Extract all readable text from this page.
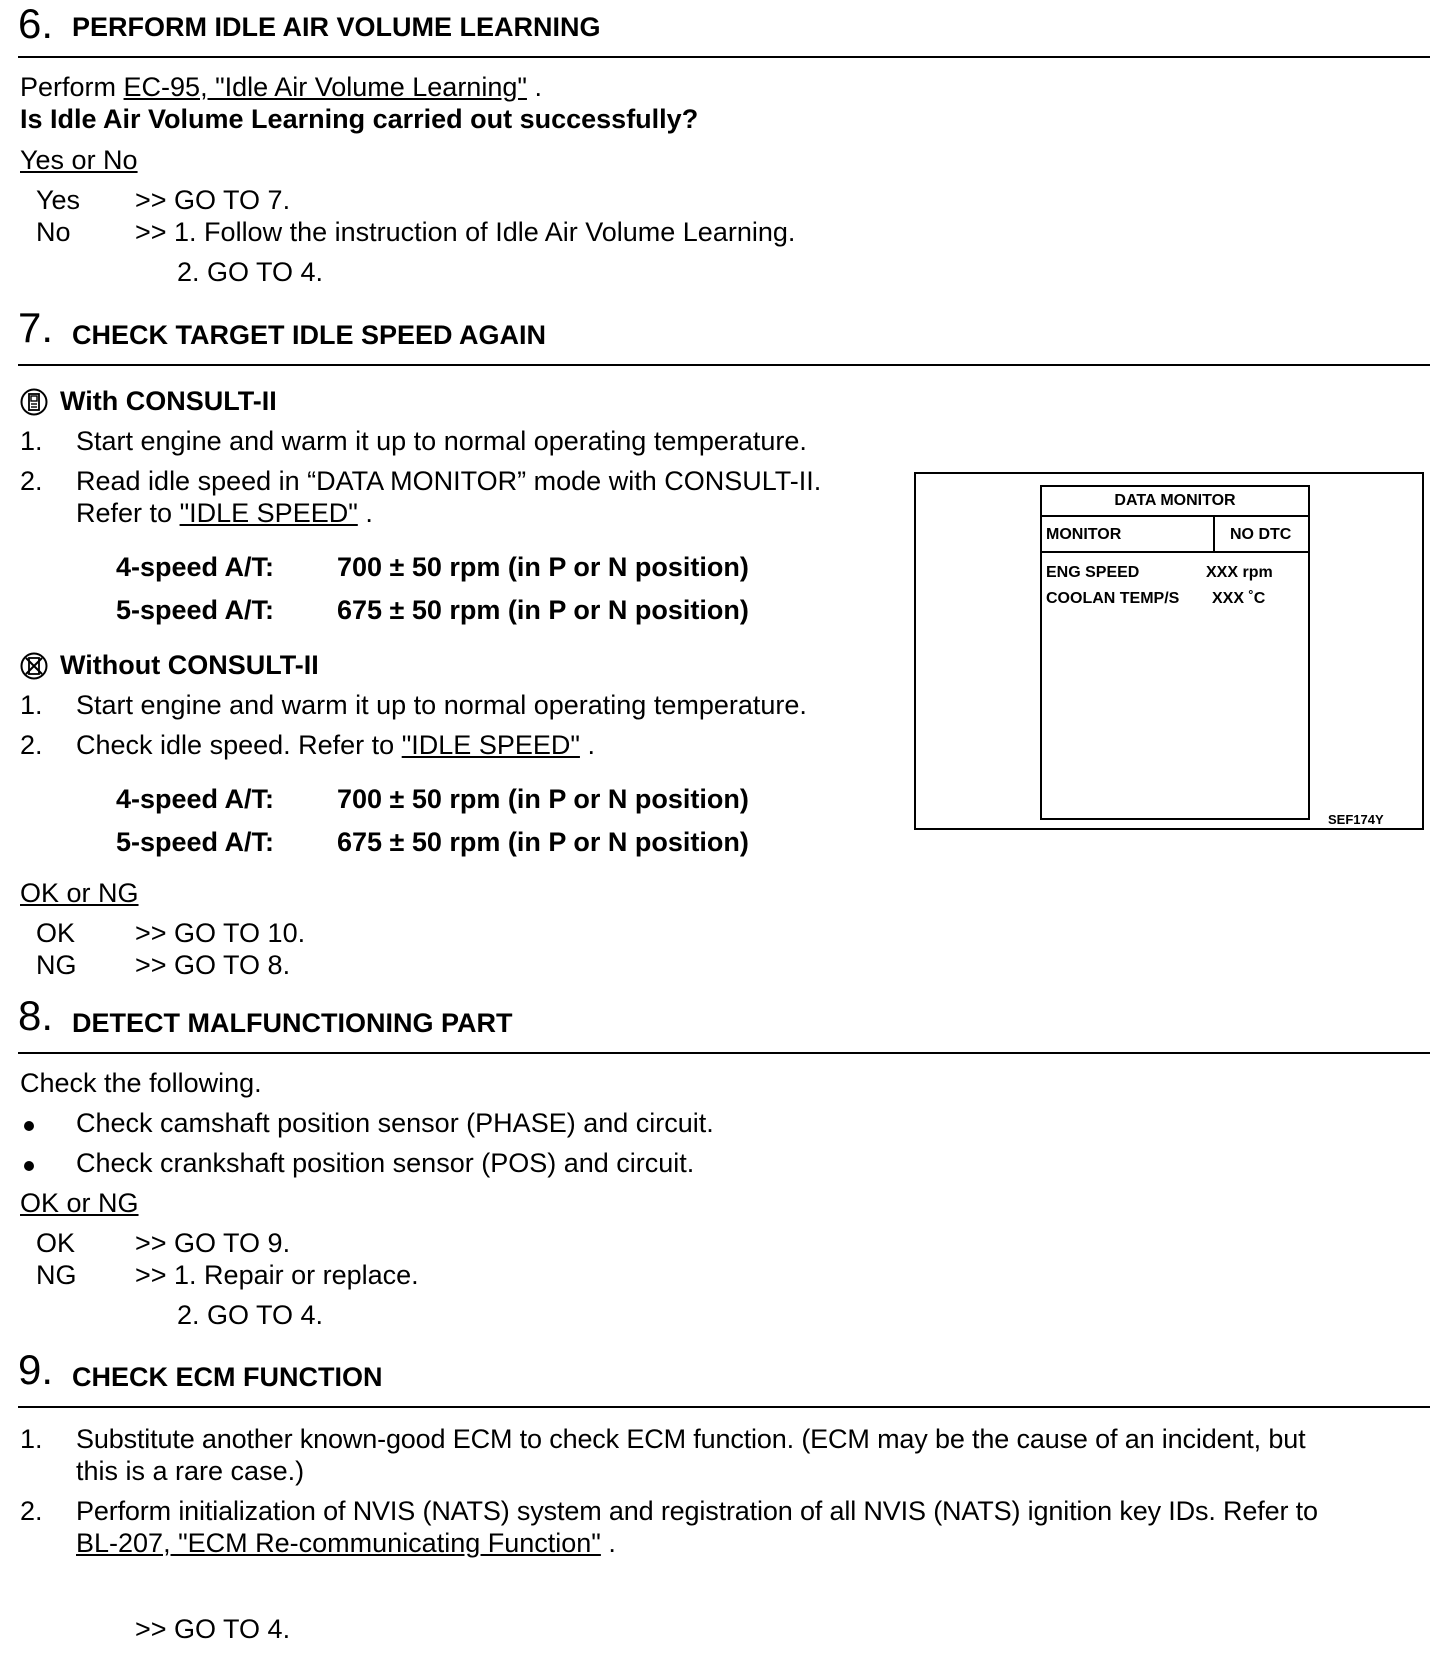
6. PERFORM IDLE AIR VOLUME LEARNING
Perform EC-95, "Idle Air Volume Learning" .
Is Idle Air Volume Learning carried out successfully?
Yes or No
Yes >> GO TO 7.
No >> 1. Follow the instruction of Idle Air Volume Learning.
2. GO TO 4.
7. CHECK TARGET IDLE SPEED AGAIN
With CONSULT-II
1. Start engine and warm it up to normal operating temperature.
2. Read idle speed in “DATA MONITOR” mode with CONSULT-II.
Refer to "IDLE SPEED" .
4-speed A/T: 700 ± 50 rpm (in P or N position)
5-speed A/T: 675 ± 50 rpm (in P or N position)
Without CONSULT-II
1. Start engine and warm it up to normal operating temperature.
2. Check idle speed. Refer to "IDLE SPEED" .
4-speed A/T: 700 ± 50 rpm (in P or N position)
5-speed A/T: 675 ± 50 rpm (in P or N position)
OK or NG
OK >> GO TO 10.
NG >> GO TO 8.
DATA MONITOR
MONITOR	NO DTC
ENG SPEED	XXX rpm
COOLAN TEMP/S XXX ˚C
SEF174Y
8. DETECT MALFUNCTIONING PART
Check the following.
Check camshaft position sensor (PHASE) and circuit.
Check crankshaft position sensor (POS) and circuit.
OK or NG
OK >> GO TO 9.
NG >> 1. Repair or replace.
2. GO TO 4.
9. CHECK ECM FUNCTION
1. Substitute another known-good ECM to check ECM function. (ECM may be the cause of an incident, but
this is a rare case.)
2. Perform initialization of NVIS (NATS) system and registration of all NVIS (NATS) ignition key IDs. Refer to
BL-207, "ECM Re-communicating Function" .
>> GO TO 4.
